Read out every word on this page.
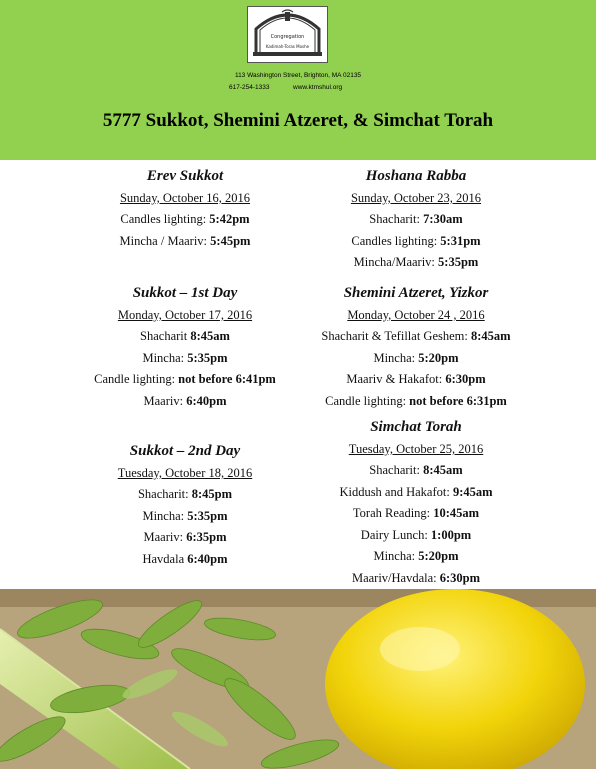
Congregation
Kadimah-Toras Moshe
113 Washington Street, Brighton, MA 02135
617-254-1333	www.ktmshul.org
5777 Sukkot, Shemini Atzeret, & Simchat Torah
Erev Sukkot
Sunday, October 16, 2016
Candles lighting: 5:42pm
Mincha / Maariv: 5:45pm
Sukkot – 1st Day
Monday, October 17, 2016
Shacharit 8:45am
Mincha: 5:35pm
Candle lighting: not before 6:41pm
Maariv: 6:40pm
Sukkot – 2nd Day
Tuesday, October 18, 2016
Shacharit: 8:45pm
Mincha: 5:35pm
Maariv: 6:35pm
Havdala 6:40pm
Hoshana Rabba
Sunday, October 23, 2016
Shacharit: 7:30am
Candles lighting: 5:31pm
Mincha/Maariv: 5:35pm
Shemini Atzeret, Yizkor
Monday, October 24 , 2016
Shacharit & Tefillat Geshem: 8:45am
Mincha: 5:20pm
Maariv & Hakafot: 6:30pm
Candle lighting: not before 6:31pm
Simchat Torah
Tuesday, October 25, 2016
Shacharit: 8:45am
Kiddush and Hakafot: 9:45am
Torah Reading: 10:45am
Dairy Lunch: 1:00pm
Mincha: 5:20pm
Maariv/Havdala: 6:30pm
